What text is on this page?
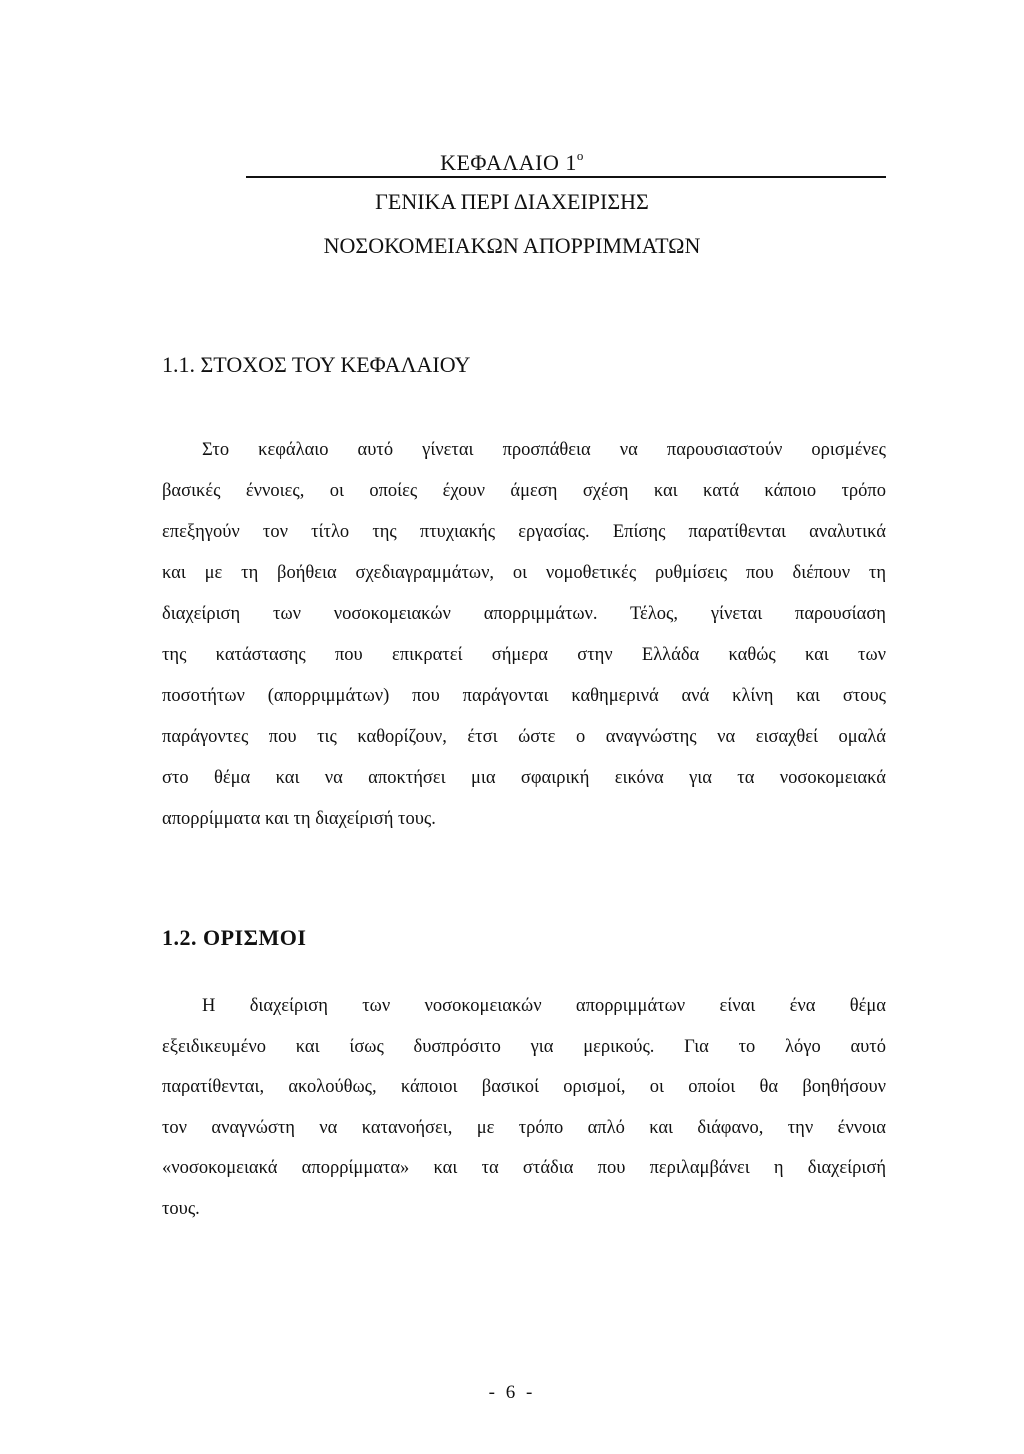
ΚΕΦΑΛΑΙΟ $1^o$
ΓΕΝΙΚΑ ΠΕΡΙ ΔΙΑΧΕΙΡΙΣΗΣ
ΝΟΣΟΚΟΜΕΙΑΚΩΝ ΑΠΟΡΡΙΜΜΑΤΩΝ
1.1. ΣΤΟΧΟΣ ΤΟΥ ΚΕΦΑΛΑΙΟΥ
Στο κεφάλαιο αυτό γίνεται προσπάθεια να παρουσιαστούν ορισμένες
βασικές έννοιες, οι οποίες έχουν άμεση σχέση και κατά κάποιο τρόπο
επεξηγούν τον τίτλο της πτυχιακής εργασίας. Επίσης παρατίθενται αναλυτικά
και με τη βοήθεια σχεδιαγραμμάτων, οι νομοθετικές ρυθμίσεις που διέπουν τη
διαχείριση των νοσοκομειακών απορριμμάτων. Τέλος, γίνεται παρουσίαση
της κατάστασης που επικρατεί σήμερα στην Ελλάδα καθώς και των
ποσοτήτων (απορριμμάτων) που παράγονται καθημερινά ανά κλίνη και στους
παράγοντες που τις καθορίζουν, έτσι ώστε ο αναγνώστης να εισαχθεί ομαλά
στο θέμα και να αποκτήσει μια σφαιρική εικόνα για τα νοσοκομειακά
απορρίμματα και τη διαχείρισή τους.
1.2. ΟΡΙΣΜΟΙ
Η διαχείριση των νοσοκομειακών απορριμμάτων είναι ένα θέμα
εξειδικευμένο και ίσως δυσπρόσιτο για μερικούς. Για το λόγο αυτό
παρατίθενται, ακολούθως, κάποιοι βασικοί ορισμοί, οι οποίοι θα βοηθήσουν
τον αναγνώστη να κατανοήσει, με τρόπο απλό και διάφανο, την έννοια
«νοσοκομειακά απορρίμματα» και τα στάδια που περιλαμβάνει η διαχείρισή
τους.
- 6 -
